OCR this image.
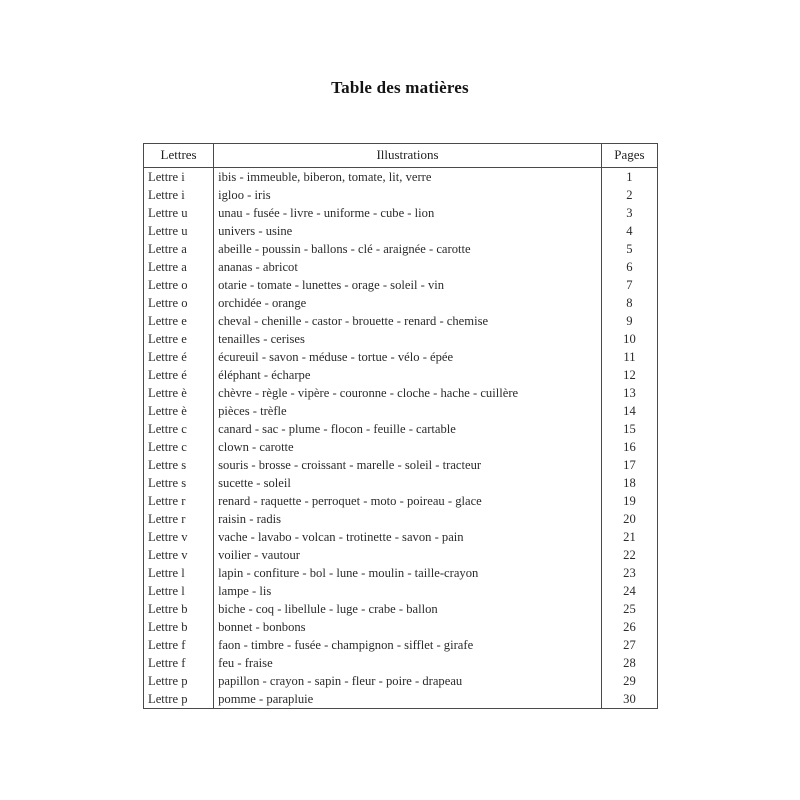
Table des matières
Lettres	Illustrations	Pages
Lettre i	ibis - immeuble, biberon, tomate, lit, verre	1
Lettre i	igloo - iris	2
Lettre u	unau - fusée - livre - uniforme - cube - lion	3
Lettre u	univers - usine	4
Lettre a	abeille - poussin - ballons - clé - araignée - carotte	5
Lettre a	ananas - abricot	6
Lettre o	otarie - tomate - lunettes - orage - soleil - vin	7
Lettre o	orchidée - orange	8
Lettre e	cheval - chenille - castor - brouette - renard - chemise	9
Lettre e	tenailles - cerises	10
Lettre é	écureuil - savon - méduse - tortue - vélo - épée	11
Lettre é	éléphant - écharpe	12
Lettre è	chèvre - règle - vipère - couronne - cloche - hache - cuillère	13
Lettre è	pièces - trèfle	14
Lettre c	canard - sac - plume - flocon - feuille - cartable	15
Lettre c	clown - carotte	16
Lettre s	souris - brosse - croissant - marelle - soleil - tracteur	17
Lettre s	sucette - soleil	18
Lettre r	renard - raquette - perroquet - moto - poireau - glace	19
Lettre r	raisin - radis	20
Lettre v	vache - lavabo - volcan - trotinette - savon - pain	21
Lettre v	voilier - vautour	22
Lettre l	lapin - confiture - bol - lune - moulin - taille-crayon	23
Lettre l	lampe - lis	24
Lettre b	biche - coq - libellule - luge - crabe - ballon	25
Lettre b	bonnet - bonbons	26
Lettre f	faon - timbre - fusée - champignon - sifflet - girafe	27
Lettre f	feu - fraise	28
Lettre p	papillon - crayon - sapin - fleur - poire - drapeau	29
Lettre p	pomme - parapluie	30
